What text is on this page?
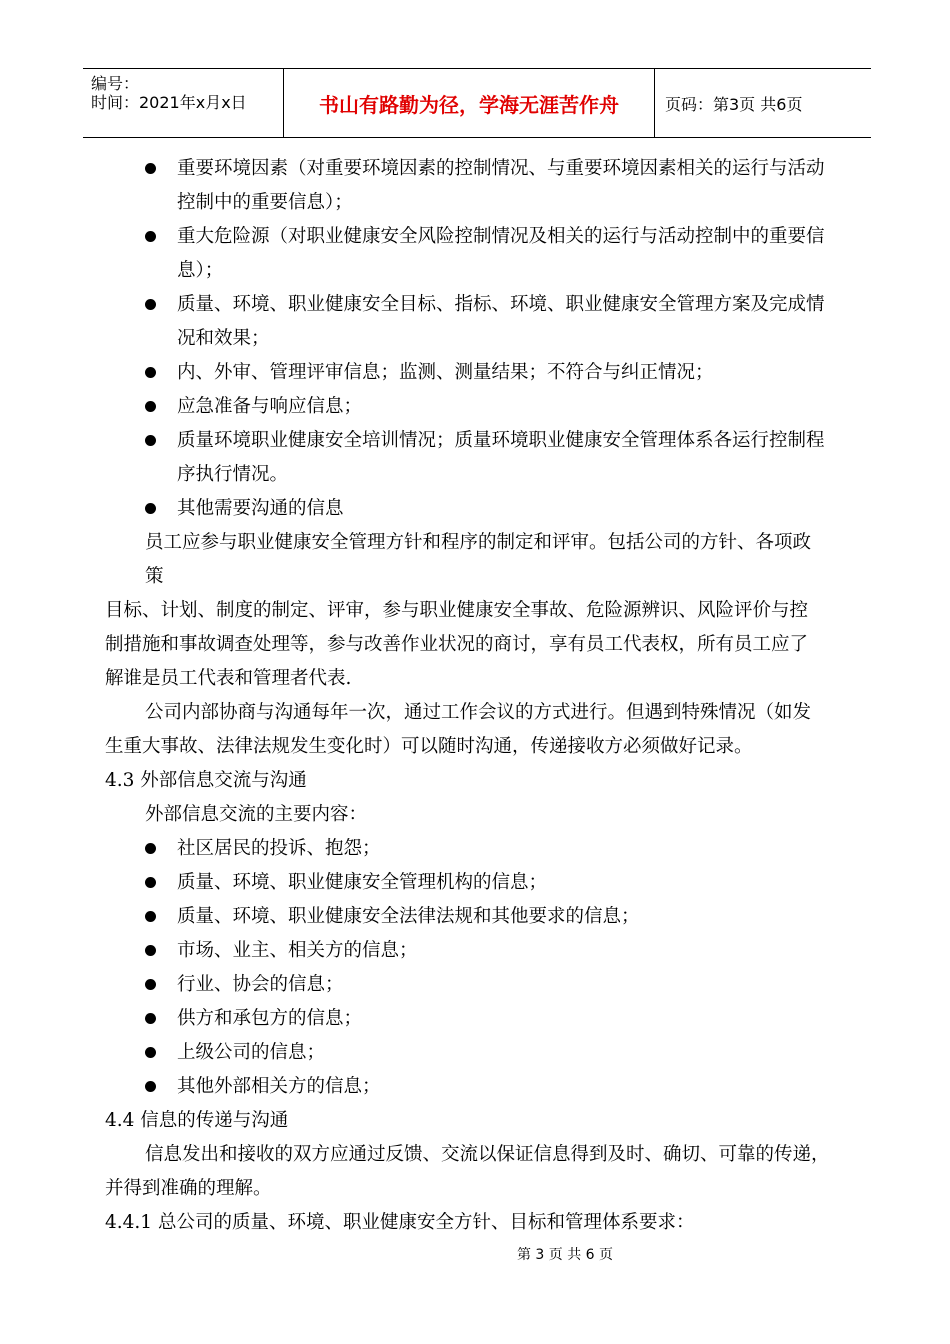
编号：
时间：2021年x月x日	书山有路勤为径，学海无涯苦作舟	页码：第3页 共6页
重要环境因素（对重要环境因素的控制情况、与重要环境因素相关的运行与活动
控制中的重要信息）；
重大危险源（对职业健康安全风险控制情况及相关的运行与活动控制中的重要信
息）；
质量、环境、职业健康安全目标、指标、环境、职业健康安全管理方案及完成情
况和效果；
内、外审、管理评审信息；监测、测量结果；不符合与纠正情况；
应急准备与响应信息；
质量环境职业健康安全培训情况；质量环境职业健康安全管理体系各运行控制程
序执行情况。
其他需要沟通的信息
员工应参与职业健康安全管理方针和程序的制定和评审。包括公司的方针、各项政
策
目标、计划、制度的制定、评审，参与职业健康安全事故、危险源辨识、风险评价与控
制措施和事故调查处理等，参与改善作业状况的商讨，享有员工代表权，所有员工应了
解谁是员工代表和管理者代表.
公司内部协商与沟通每年一次，通过工作会议的方式进行。但遇到特殊情况（如发
生重大事故、法律法规发生变化时）可以随时沟通，传递接收方必须做好记录。
4.3 外部信息交流与沟通
外部信息交流的主要内容：
社区居民的投诉、抱怨；
质量、环境、职业健康安全管理机构的信息；
质量、环境、职业健康安全法律法规和其他要求的信息；
市场、业主、相关方的信息；
行业、协会的信息；
供方和承包方的信息；
上级公司的信息；
其他外部相关方的信息；
4.4 信息的传递与沟通
信息发出和接收的双方应通过反馈、交流以保证信息得到及时、确切、可靠的传递，
并得到准确的理解。
4.4.1 总公司的质量、环境、职业健康安全方针、目标和管理体系要求：
第 3 页 共 6 页
